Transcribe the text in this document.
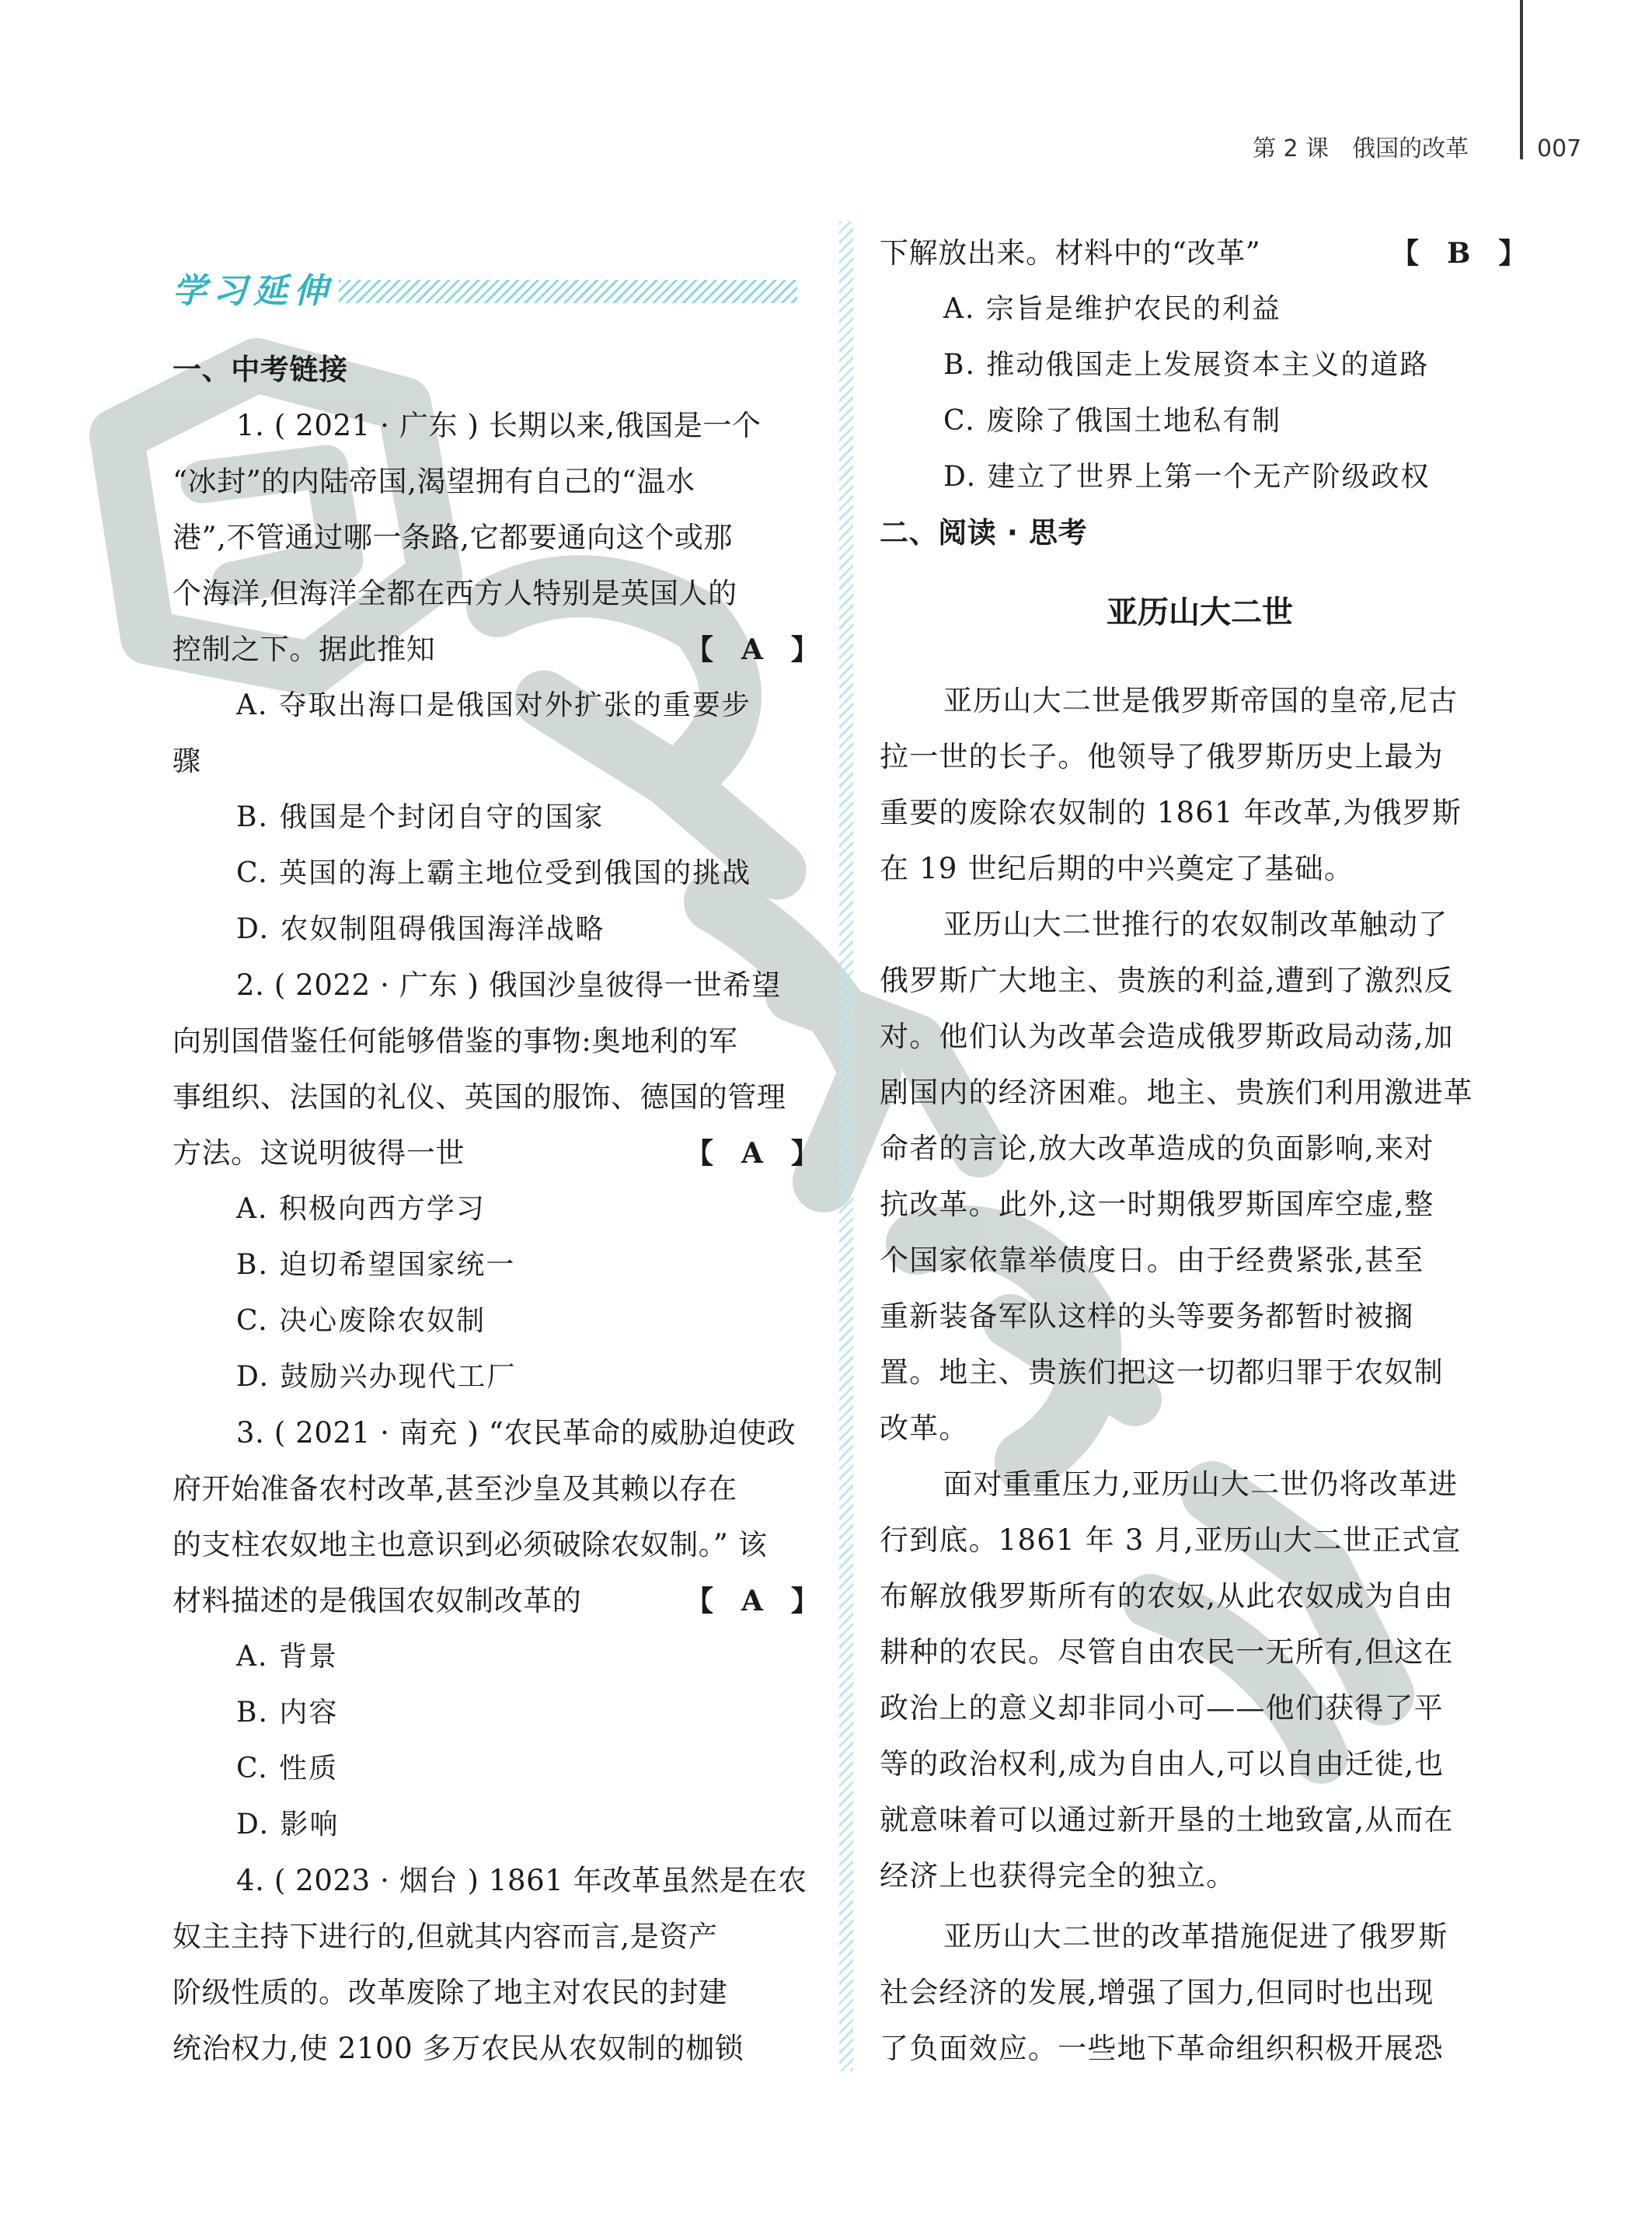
第 2 课　俄国的改革	007
学习延伸
一、中考链接
1. ( 2021 · 广东 ) 长期以来,俄国是一个
“冰封”的内陆帝国,渴望拥有自己的“温水
港”,不管通过哪一条路,它都要通向这个或那
个海洋,但海洋全都在西方人特别是英国人的
控制之下。据此推知	【　A　】
A. 夺取出海口是俄国对外扩张的重要步
骤
B. 俄国是个封闭自守的国家
C. 英国的海上霸主地位受到俄国的挑战
D. 农奴制阻碍俄国海洋战略
2. ( 2022 · 广东 ) 俄国沙皇彼得一世希望
向别国借鉴任何能够借鉴的事物:奥地利的军
事组织、法国的礼仪、英国的服饰、德国的管理
方法。这说明彼得一世	【　A　】
A. 积极向西方学习
B. 迫切希望国家统一
C. 决心废除农奴制
D. 鼓励兴办现代工厂
3. ( 2021 · 南充 ) “农民革命的威胁迫使政
府开始准备农村改革,甚至沙皇及其赖以存在
的支柱农奴地主也意识到必须破除农奴制。” 该
材料描述的是俄国农奴制改革的	【　A　】
A. 背景
B. 内容
C. 性质
D. 影响
4. ( 2023 · 烟台 ) 1861 年改革虽然是在农
奴主主持下进行的,但就其内容而言,是资产
阶级性质的。改革废除了地主对农民的封建
统治权力,使 2100 多万农民从农奴制的枷锁
下解放出来。材料中的“改革”	【　B　】
A. 宗旨是维护农民的利益
B. 推动俄国走上发展资本主义的道路
C. 废除了俄国土地私有制
D. 建立了世界上第一个无产阶级政权
二、阅读 · 思考
亚历山大二世
亚历山大二世是俄罗斯帝国的皇帝,尼古
拉一世的长子。他领导了俄罗斯历史上最为
重要的废除农奴制的 1861 年改革,为俄罗斯
在 19 世纪后期的中兴奠定了基础。
亚历山大二世推行的农奴制改革触动了
俄罗斯广大地主、贵族的利益,遭到了激烈反
对。他们认为改革会造成俄罗斯政局动荡,加
剧国内的经济困难。地主、贵族们利用激进革
命者的言论,放大改革造成的负面影响,来对
抗改革。此外,这一时期俄罗斯国库空虚,整
个国家依靠举债度日。由于经费紧张,甚至
重新装备军队这样的头等要务都暂时被搁
置。地主、贵族们把这一切都归罪于农奴制
改革。
面对重重压力,亚历山大二世仍将改革进
行到底。1861 年 3 月,亚历山大二世正式宣
布解放俄罗斯所有的农奴,从此农奴成为自由
耕种的农民。尽管自由农民一无所有,但这在
政治上的意义却非同小可——他们获得了平
等的政治权利,成为自由人,可以自由迁徙,也
就意味着可以通过新开垦的土地致富,从而在
经济上也获得完全的独立。
亚历山大二世的改革措施促进了俄罗斯
社会经济的发展,增强了国力,但同时也出现
了负面效应。一些地下革命组织积极开展恐
